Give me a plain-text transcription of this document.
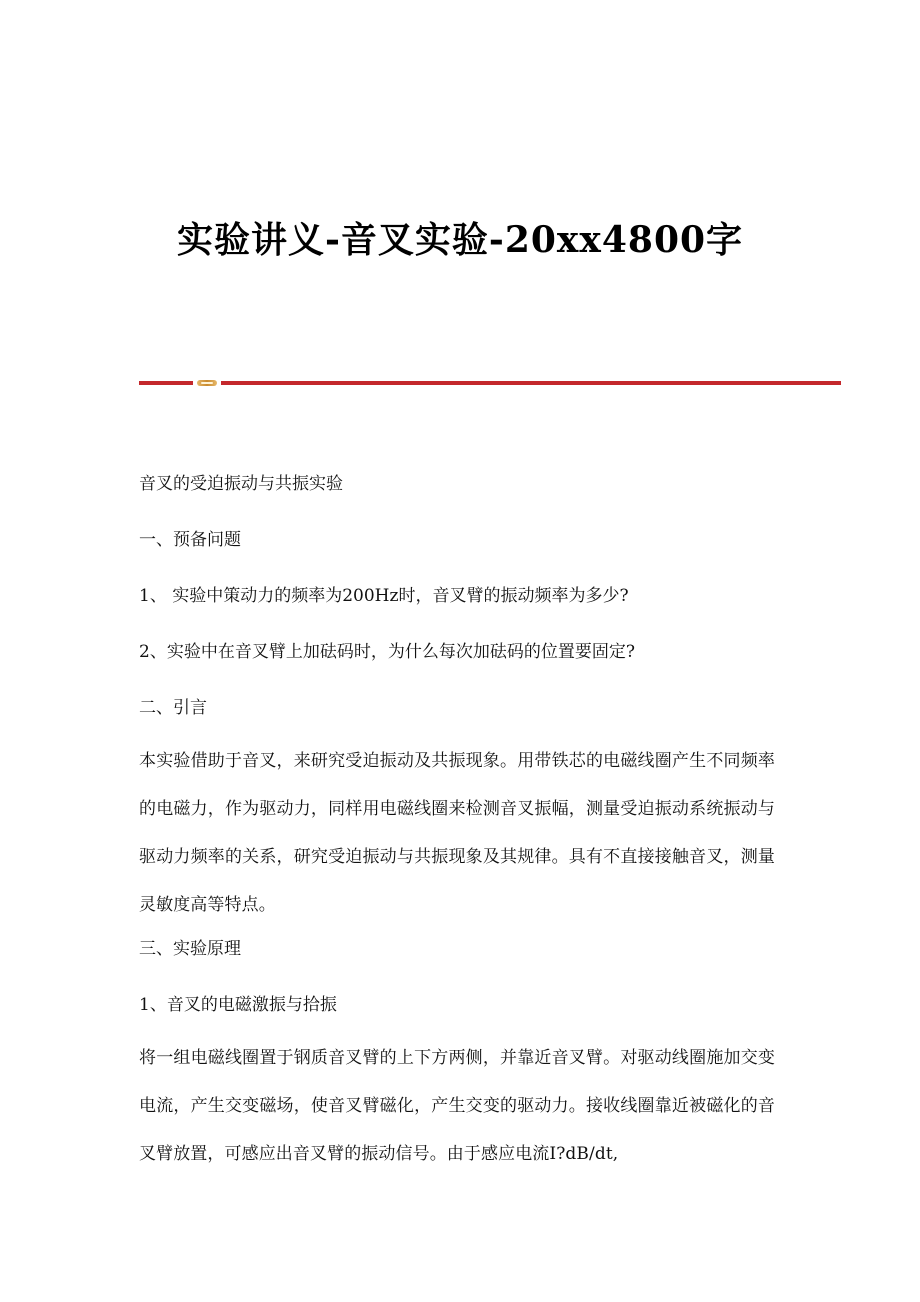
实验讲义-音叉实验-20xx4800字

音叉的受迫振动与共振实验

一、预备问题

1、 实验中策动力的频率为200Hz时，音叉臂的振动频率为多少?

2、实验中在音叉臂上加砝码时，为什么每次加砝码的位置要固定?

二、引言

本实验借助于音叉，来研究受迫振动及共振现象。用带铁芯的电磁线圈产生不同频率的电磁力，作为驱动力，同样用电磁线圈来检测音叉振幅，测量受迫振动系统振动与驱动力频率的关系，研究受迫振动与共振现象及其规律。具有不直接接触音叉，测量灵敏度高等特点。

三、实验原理

1、音叉的电磁激振与拾振

将一组电磁线圈置于钢质音叉臂的上下方两侧，并靠近音叉臂。对驱动线圈施加交变电流，产生交变磁场，使音叉臂磁化，产生交变的驱动力。接收线圈靠近被磁化的音叉臂放置，可感应出音叉臂的振动信号。由于感应电流I?dB/dt,
